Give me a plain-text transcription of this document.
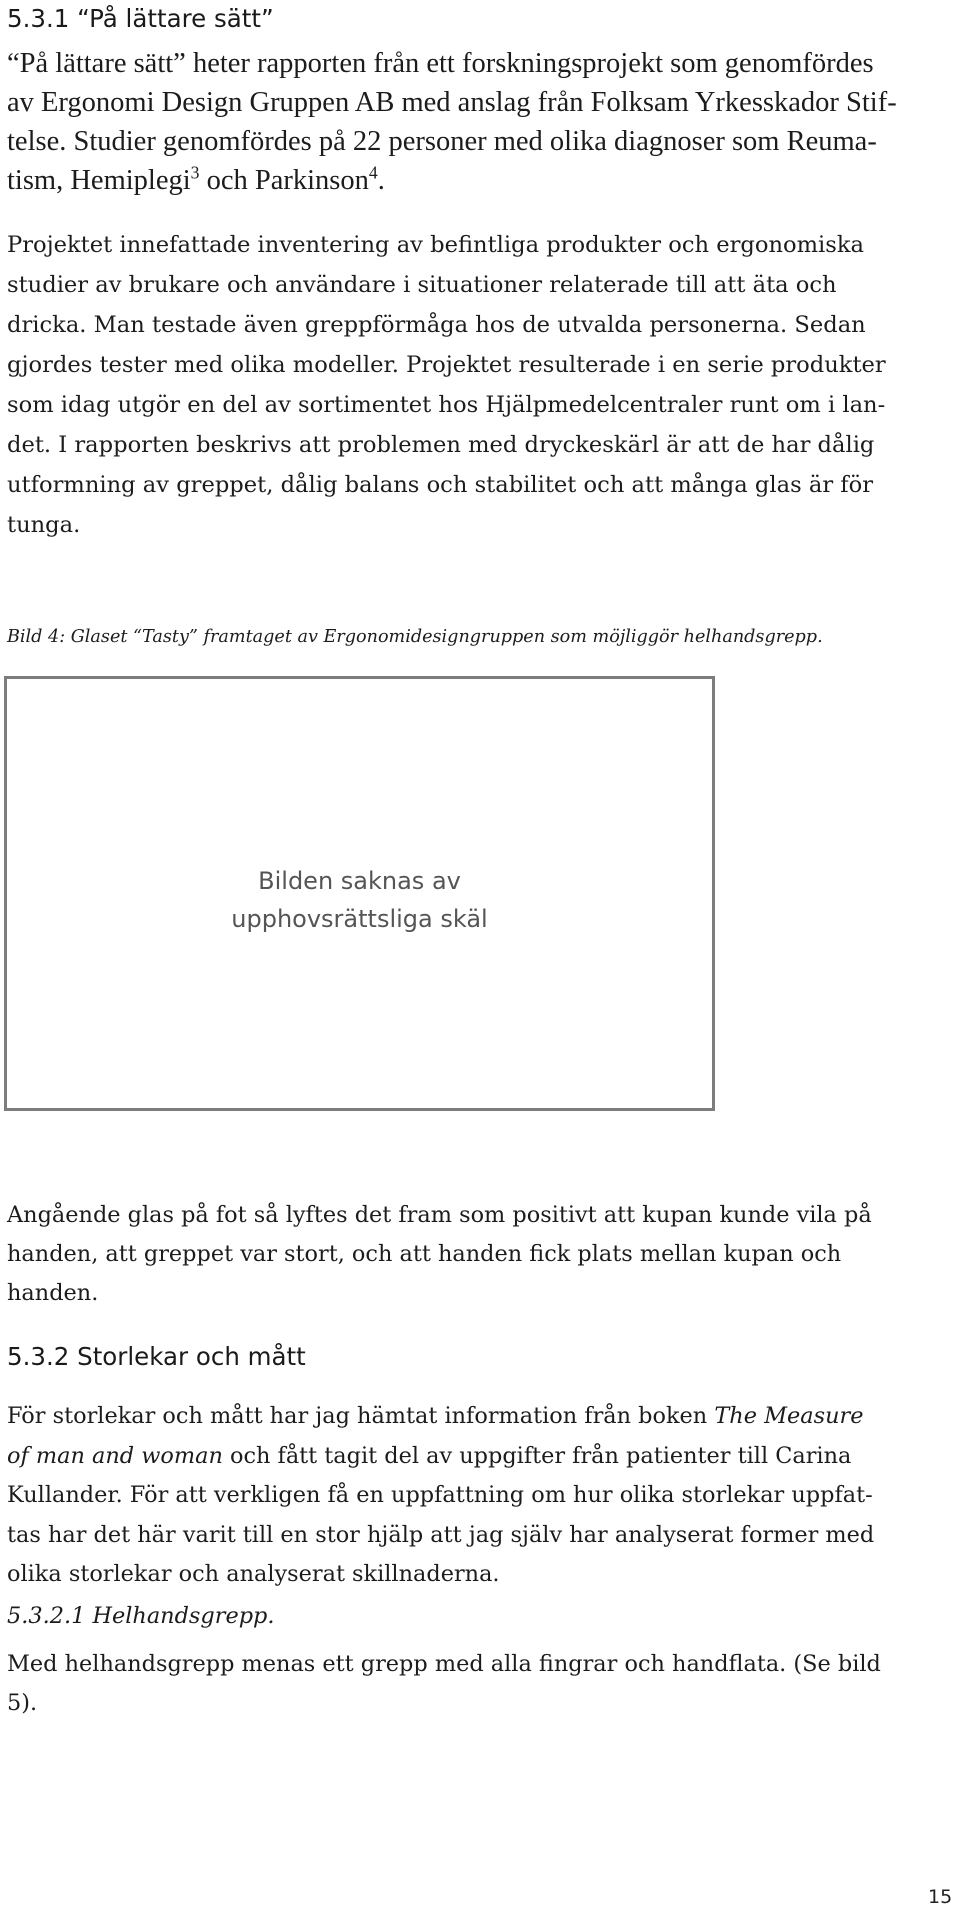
5.3.1 “På lättare sätt”

“På lättare sätt” heter rapporten från ett forskningsprojekt som genomfördes
av Ergonomi Design Gruppen AB med anslag från Folksam Yrkesskador Stif-
telse. Studier genomfördes på 22 personer med olika diagnoser som Reuma-
tism, Hemiplegi$^3$ och Parkinson$^4$.

Projektet innefattade inventering av befintliga produkter och ergonomiska
studier av brukare och användare i situationer relaterade till att äta och
dricka. Man testade även greppförmåga hos de utvalda personerna. Sedan
gjordes tester med olika modeller. Projektet resulterade i en serie produkter
som idag utgör en del av sortimentet hos Hjälpmedelcentraler runt om i lan-
det. I rapporten beskrivs att problemen med dryckeskärl är att de har dålig
utformning av greppet, dålig balans och stabilitet och att många glas är för
tunga.

Bild 4: Glaset “Tasty” framtaget av Ergonomidesigngruppen som möjliggör helhandsgrepp.
Bilden saknas av
upphovsrättsliga skäl

Angående glas på fot så lyftes det fram som positivt att kupan kunde vila på
handen, att greppet var stort, och att handen fick plats mellan kupan och
handen.

5.3.2 Storlekar och mått

För storlekar och mått har jag hämtat information från boken The Measure
of man and woman och fått tagit del av uppgifter från patienter till Carina
Kullander. För att verkligen få en uppfattning om hur olika storlekar uppfat-
tas har det här varit till en stor hjälp att jag själv har analyserat former med
olika storlekar och analyserat skillnaderna.

5.3.2.1 Helhandsgrepp.

Med helhandsgrepp menas ett grepp med alla fingrar och handflata. (Se bild
5).

15
